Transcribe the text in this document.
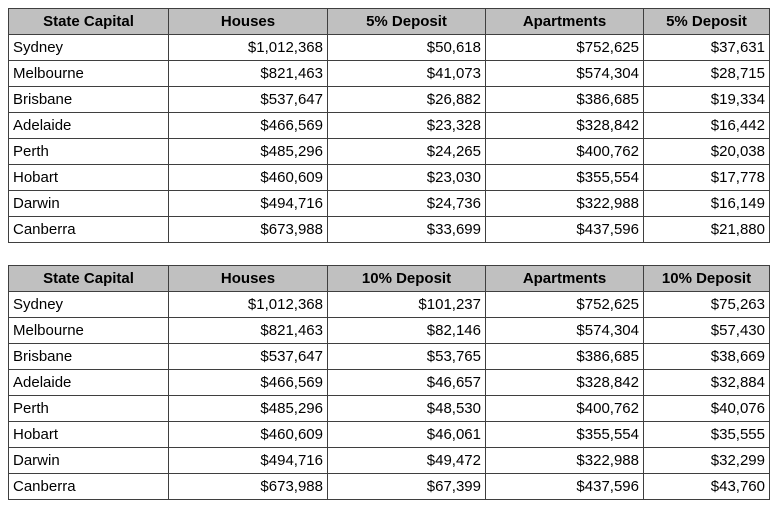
State Capital	Houses	5% Deposit	Apartments	5% Deposit
Sydney	$1,012,368	$50,618	$752,625	$37,631
Melbourne	$821,463	$41,073	$574,304	$28,715
Brisbane	$537,647	$26,882	$386,685	$19,334
Adelaide	$466,569	$23,328	$328,842	$16,442
Perth	$485,296	$24,265	$400,762	$20,038
Hobart	$460,609	$23,030	$355,554	$17,778
Darwin	$494,716	$24,736	$322,988	$16,149
Canberra	$673,988	$33,699	$437,596	$21,880
State Capital	Houses	10% Deposit	Apartments	10% Deposit
Sydney	$1,012,368	$101,237	$752,625	$75,263
Melbourne	$821,463	$82,146	$574,304	$57,430
Brisbane	$537,647	$53,765	$386,685	$38,669
Adelaide	$466,569	$46,657	$328,842	$32,884
Perth	$485,296	$48,530	$400,762	$40,076
Hobart	$460,609	$46,061	$355,554	$35,555
Darwin	$494,716	$49,472	$322,988	$32,299
Canberra	$673,988	$67,399	$437,596	$43,760
